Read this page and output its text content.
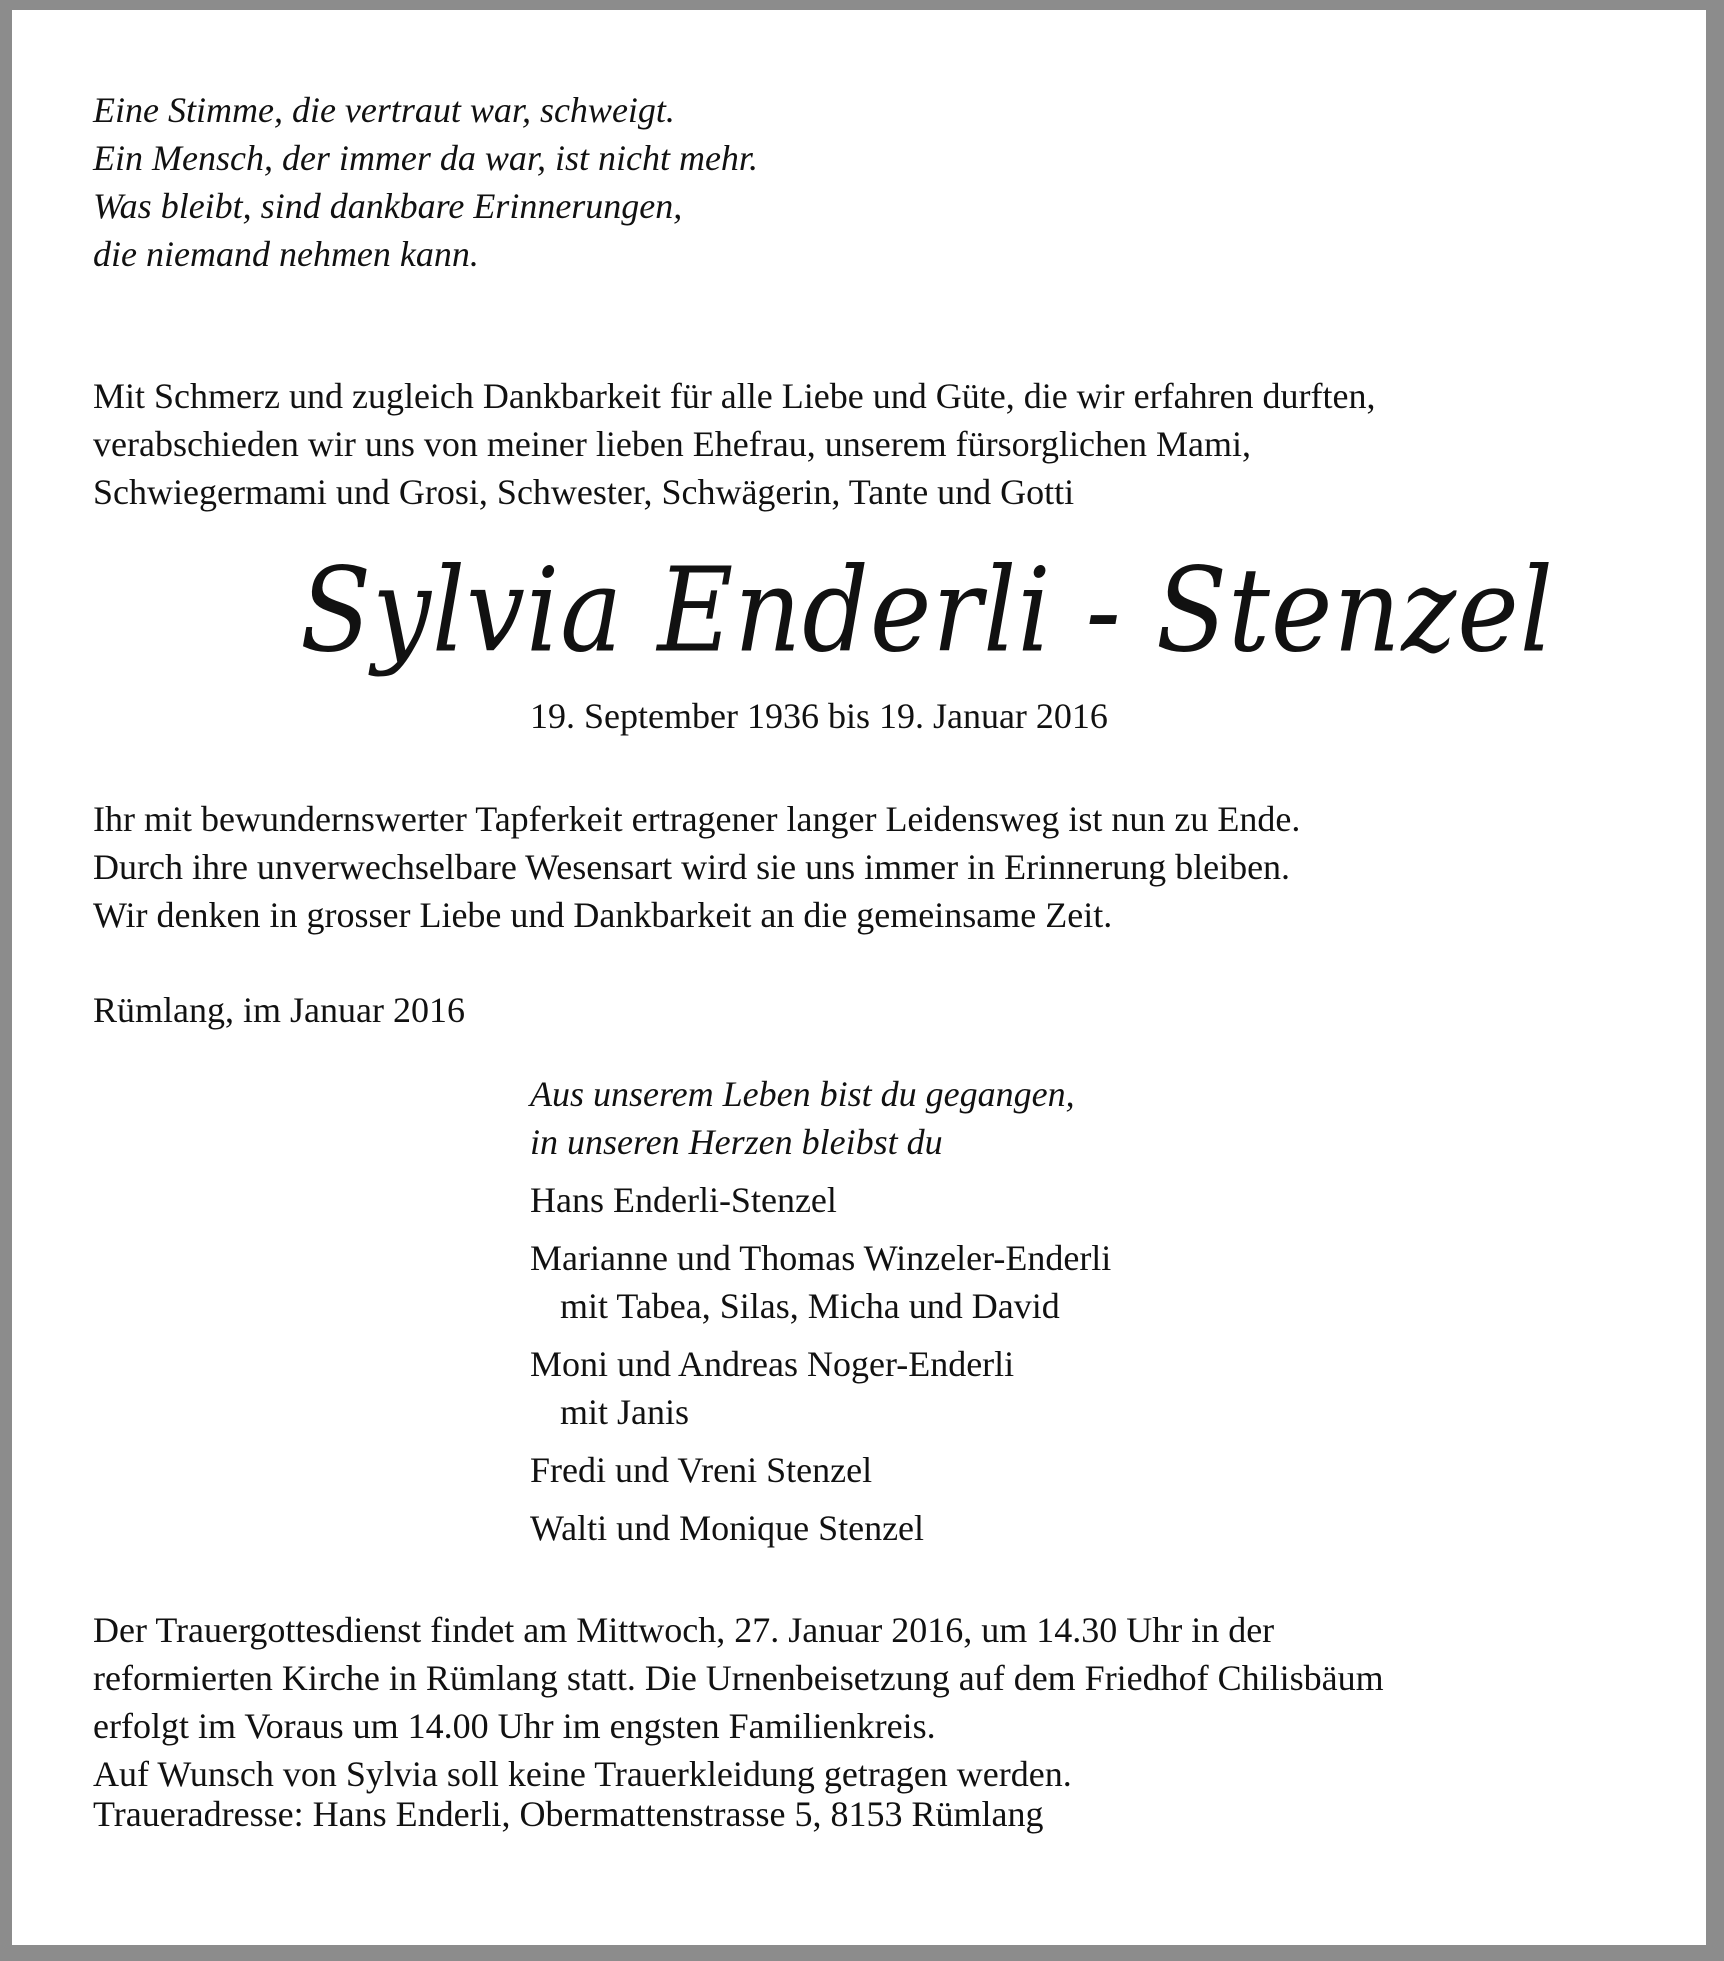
Eine Stimme, die vertraut war, schweigt.
Ein Mensch, der immer da war, ist nicht mehr.
Was bleibt, sind dankbare Erinnerungen,
die niemand nehmen kann.
Mit Schmerz und zugleich Dankbarkeit für alle Liebe und Güte, die wir erfahren durften,
verabschieden wir uns von meiner lieben Ehefrau, unserem fürsorglichen Mami,
Schwiegermami und Grosi, Schwester, Schwägerin, Tante und Gotti
Sylvia Enderli - Stenzel
19. September 1936 bis 19. Januar 2016
Ihr mit bewundernswerter Tapferkeit ertragener langer Leidensweg ist nun zu Ende.
Durch ihre unverwechselbare Wesensart wird sie uns immer in Erinnerung bleiben.
Wir denken in grosser Liebe und Dankbarkeit an die gemeinsame Zeit.
Rümlang, im Januar 2016
Aus unserem Leben bist du gegangen,
in unseren Herzen bleibst du
Hans Enderli-Stenzel
Marianne und Thomas Winzeler-Enderli
mit Tabea, Silas, Micha und David
Moni und Andreas Noger-Enderli
mit Janis
Fredi und Vreni Stenzel
Walti und Monique Stenzel
Der Trauergottesdienst findet am Mittwoch, 27. Januar 2016, um 14.30 Uhr in der
reformierten Kirche in Rümlang statt. Die Urnenbeisetzung auf dem Friedhof Chilisbäum
erfolgt im Voraus um 14.00 Uhr im engsten Familienkreis.
Auf Wunsch von Sylvia soll keine Trauerkleidung getragen werden.
Traueradresse: Hans Enderli, Obermattenstrasse 5, 8153 Rümlang
